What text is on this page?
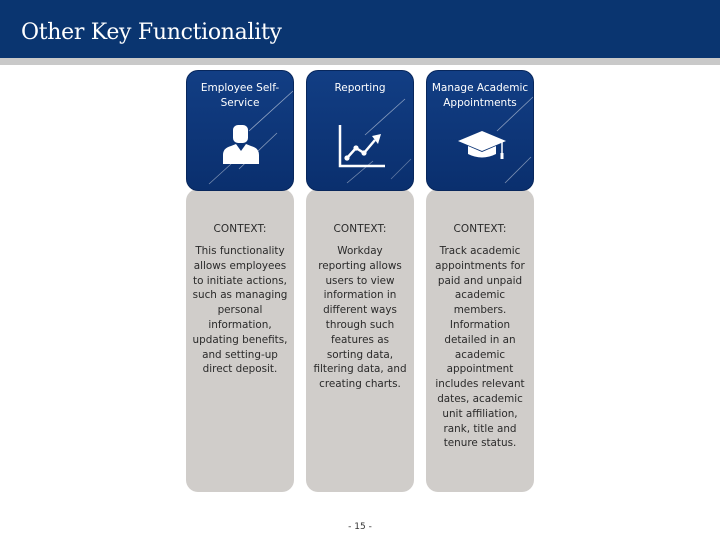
Other Key Functionality
CONTEXT:
This functionality allows employees to initiate actions, such as managing personal information, updating benefits, and setting-up direct deposit.
Employee Self-Service
CONTEXT:
Workday reporting allows users to view information in different ways through such features as sorting data, filtering data, and creating charts.
Reporting
CONTEXT:
Track academic appointments for paid and unpaid academic members. Information detailed in an academic appointment includes relevant dates, academic unit affiliation, rank, title and tenure status.
Manage Academic Appointments
- 15 -
